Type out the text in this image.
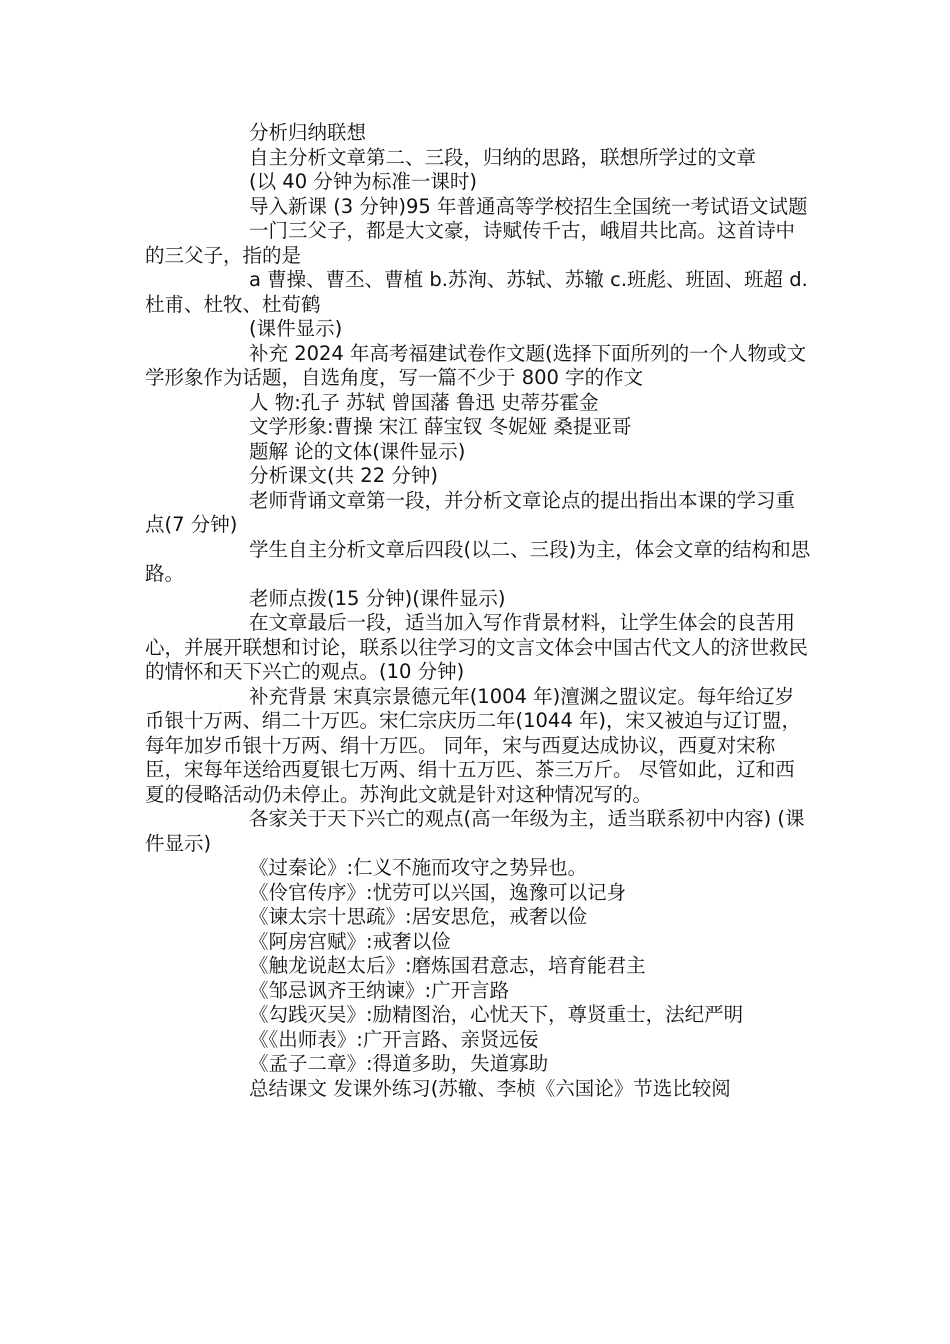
分析归纳联想

自主分析文章第二、三段，归纳的思路，联想所学过的文章

(以 40 分钟为标准一课时)

导入新课 (3 分钟)95 年普通高等学校招生全国统一考试语文试题

一门三父子，都是大文豪，诗赋传千古，峨眉共比高。这首诗中的三父子，指的是

a 曹操、曹丕、曹植 b.苏洵、苏轼、苏辙 c.班彪、班固、班超 d.杜甫、杜牧、杜荀鹤

(课件显示)

补充 2024 年高考福建试卷作文题(选择下面所列的一个人物或文学形象作为话题，自选角度，写一篇不少于 800 字的作文

人 物:孔子 苏轼 曾国藩 鲁迅 史蒂芬霍金

文学形象:曹操 宋江 薛宝钗 冬妮娅 桑提亚哥

题解 论的文体(课件显示)

分析课文(共 22 分钟)

老师背诵文章第一段，并分析文章论点的提出指出本课的学习重点(7 分钟)

学生自主分析文章后四段(以二、三段)为主，体会文章的结构和思路。

老师点拨(15 分钟)(课件显示)

在文章最后一段，适当加入写作背景材料，让学生体会的良苦用心，并展开联想和讨论，联系以往学习的文言文体会中国古代文人的济世救民的情怀和天下兴亡的观点。(10 分钟)

补充背景 宋真宗景德元年(1004 年)澶渊之盟议定。每年给辽岁币银十万两、绢二十万匹。宋仁宗庆历二年(1044 年)，宋又被迫与辽订盟，每年加岁币银十万两、绢十万匹。 同年，宋与西夏达成协议，西夏对宋称臣，宋每年送给西夏银七万两、绢十五万匹、茶三万斤。 尽管如此，辽和西夏的侵略活动仍未停止。苏洵此文就是针对这种情况写的。

各家关于天下兴亡的观点(高一年级为主，适当联系初中内容) (课件显示)

《过秦论》:仁义不施而攻守之势异也。

《伶官传序》:忧劳可以兴国，逸豫可以记身

《谏太宗十思疏》:居安思危，戒奢以俭

《阿房宫赋》:戒奢以俭

《触龙说赵太后》:磨炼国君意志，培育能君主

《邹忌讽齐王纳谏》:广开言路

《勾践灭吴》:励精图治，心忧天下，尊贤重士，法纪严明

《《出师表》:广开言路、亲贤远佞

《孟子二章》:得道多助，失道寡助

总结课文 发课外练习(苏辙、李桢《六国论》节选比较阅
